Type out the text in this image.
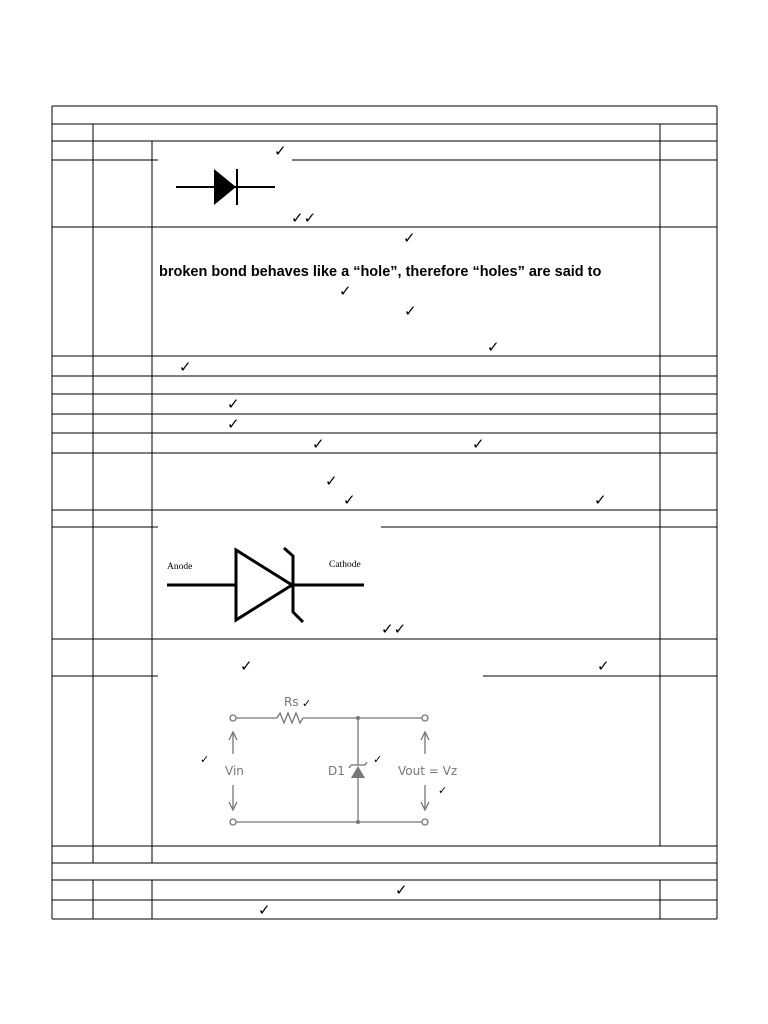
✓
✓✓
✓
broken bond behaves like a “hole”, therefore “holes” are said to
✓
✓
✓
✓
✓
✓
✓	✓
✓
✓	✓
✓✓
✓	✓
✓
✓
Anode	Cathode
Rs
Vin	D1	Vout = Vz
✓
✓	✓
✓
